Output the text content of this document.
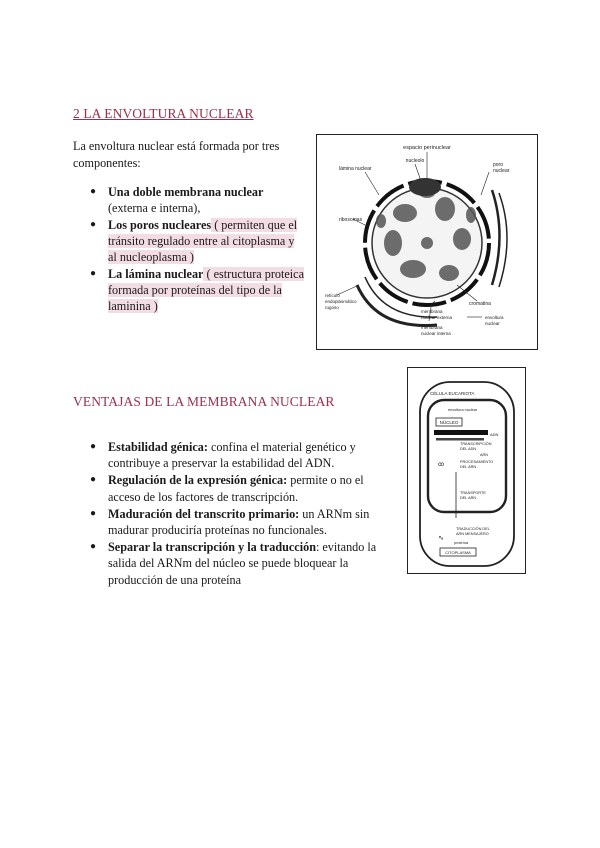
2 LA ENVOLTURA NUCLEAR
La envoltura nuclear está formada por tres componentes:
● Una doble membrana nuclear (externa e interna),
● Los poros nucleares ( permiten que el tránsito regulado entre al citoplasma y al nucleoplasma )
● La lámina nuclear ( estructura proteica formada por proteínas del tipo de la laminina )
espacio perinuclear
nucleolo
poro
nuclear
lámina nuclear
ribosomas
retículo
endoplasmático
rugoso
cromatina
membrana
nuclear externa
membrana
nuclear interna
envoltura
nuclear
VENTAJAS DE LA MEMBRANA NUCLEAR
● Estabilidad génica: confina el material genético y contribuye a preservar la estabilidad del ADN.
● Regulación de la expresión génica: permite o no el acceso de los factores de transcripción.
● Maduración del transcrito primario: un ARNm sin madurar produciría proteínas no funcionales.
● Separar la transcripción y la traducción: evitando la salida del ARNm del núcleo se puede bloquear la producción de una proteína
CÉLULA EUCARIOTA
envoltura nuclear
NÚCLEO
ADN
TRANSCRIPCIÓN
DEL ADN
ARN
ꝏ	PROCESAMIENTO
DEL ARN
TRANSPORTE
DEL ARN
TRADUCCIÓN DEL
ARN MENSAJERO
∿
proteína
CITOPLASMA
